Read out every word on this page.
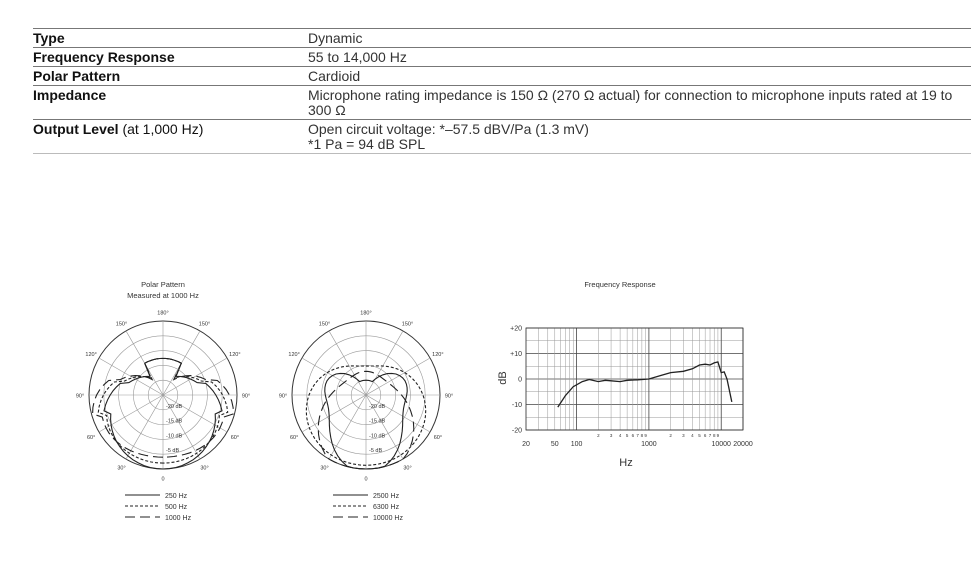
Type	Dynamic
Frequency Response	55 to 14,000 Hz
Polar Pattern	Cardioid
Impedance	Microphone rating impedance is 150 Ω (270 Ω actual) for connection to microphone inputs rated at 19 to 300 Ω
Output Level (at 1,000 Hz)	Open circuit voltage: *–57.5 dBV/Pa (1.3 mV)
*1 Pa = 94 dB SPL
Polar Pattern
Measured at 1000 Hz
180°
150°	150°
120°	120°
90°	90°
60°	60°
30°	30°
0
-20 dB
-15 dB
-10 dB
-5 dB
250 Hz
500 Hz
1000 Hz
180°
150°	150°
120°	120°
90°	90°
60°	60°
30°	30°
0
-20 dB
-15 dB
-10 dB
-5 dB
2500 Hz
6300 Hz
10000 Hz
Frequency Response
+20
+10
0
-10
-20
20	50 100	1000	10000 20000
2 3 4 5 6 7 8 9	2 3 4 5 6 7 8 9
dB
Hz
